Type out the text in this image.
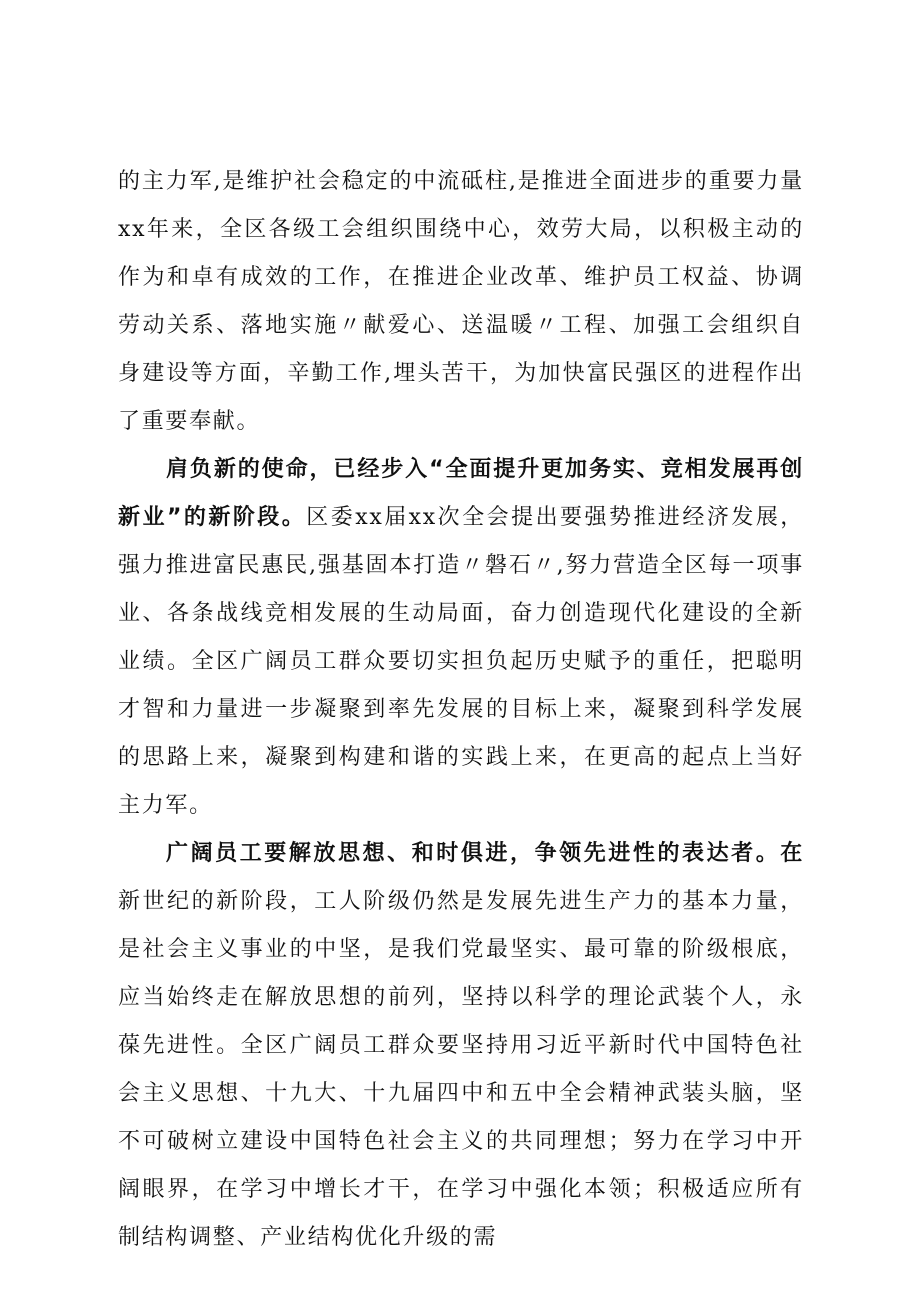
的主力军,是维护社会稳定的中流砥柱,是推进全面进步的重要力量xx年来，全区各级工会组织围绕中心，效劳大局，以积极主动的作为和卓有成效的工作，在推进企业改革、维护员工权益、协调劳动关系、落地实施〃献爱心、送温暖〃工程、加强工会组织自身建设等方面，辛勤工作,埋头苦干，为加快富民强区的进程作出了重要奉献。

肩负新的使命，已经步入“全面提升更加务实、竞相发展再创新业”的新阶段。区委xx届xx次全会提出要强势推进经济发展，强力推进富民惠民,强基固本打造〃磐石〃,努力营造全区每一项事业、各条战线竞相发展的生动局面，奋力创造现代化建设的全新业绩。全区广阔员工群众要切实担负起历史赋予的重任，把聪明才智和力量进一步凝聚到率先发展的目标上来，凝聚到科学发展的思路上来，凝聚到构建和谐的实践上来，在更高的起点上当好主力军。

广阔员工要解放思想、和时俱进，争领先进性的表达者。在新世纪的新阶段，工人阶级仍然是发展先进生产力的基本力量，是社会主义事业的中坚，是我们党最坚实、最可靠的阶级根底，应当始终走在解放思想的前列，坚持以科学的理论武装个人，永葆先进性。全区广阔员工群众要坚持用习近平新时代中国特色社会主义思想、十九大、十九届四中和五中全会精神武装头脑，坚不可破树立建设中国特色社会主义的共同理想；努力在学习中开阔眼界，在学习中增长才干，在学习中强化本领；积极适应所有制结构调整、产业结构优化升级的需
